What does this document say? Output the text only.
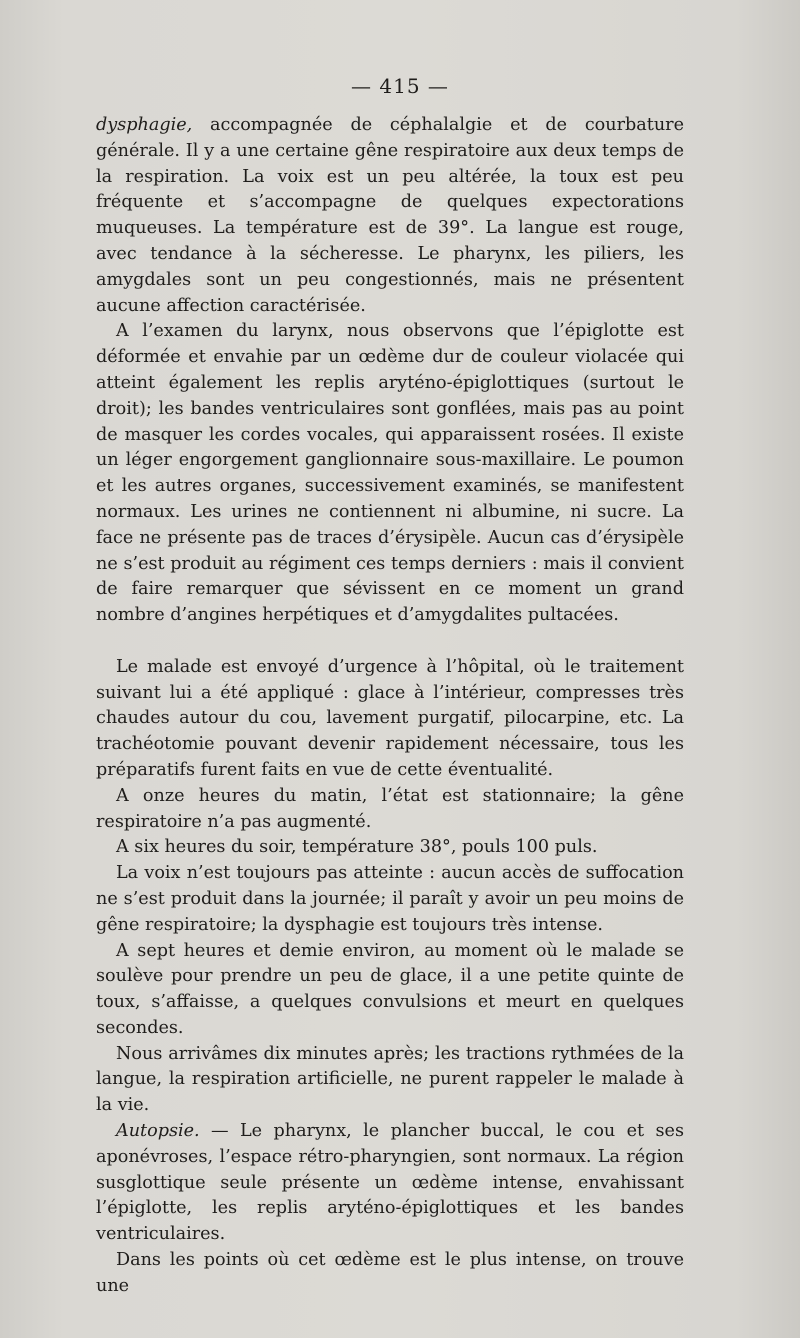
— 415 —

dysphagie, accompagnée de céphalalgie et de courbature générale. Il y a une certaine gêne respiratoire aux deux temps de la respiration. La voix est un peu altérée, la toux est peu fréquente et s’accompagne de quelques expectorations muqueuses. La température est de 39°. La langue est rouge, avec tendance à la sécheresse. Le pharynx, les piliers, les amygdales sont un peu congestionnés, mais ne présentent aucune affection caractérisée.

A l’examen du larynx, nous observons que l’épiglotte est déformée et envahie par un œdème dur de couleur violacée qui atteint également les replis aryténo-épiglottiques (surtout le droit); les bandes ventriculaires sont gonflées, mais pas au point de masquer les cordes vocales, qui apparaissent rosées. Il existe un léger engorgement ganglionnaire sous-maxillaire. Le poumon et les autres organes, successivement examinés, se manifestent normaux. Les urines ne contiennent ni albumine, ni sucre. La face ne présente pas de traces d’érysipèle. Aucun cas d’érysipèle ne s’est produit au régiment ces temps derniers : mais il convient de faire remarquer que sévissent en ce moment un grand nombre d’angines herpétiques et d’amygdalites pultacées.

Le malade est envoyé d’urgence à l’hôpital, où le traitement suivant lui a été appliqué : glace à l’intérieur, compresses très chaudes autour du cou, lavement purgatif, pilocarpine, etc. La trachéotomie pouvant devenir rapidement nécessaire, tous les préparatifs furent faits en vue de cette éventualité.

A onze heures du matin, l’état est stationnaire; la gêne respiratoire n’a pas augmenté.

A six heures du soir, température 38°, pouls 100 puls.

La voix n’est toujours pas atteinte : aucun accès de suffocation ne s’est produit dans la journée; il paraît y avoir un peu moins de gêne respiratoire; la dysphagie est toujours très intense.

A sept heures et demie environ, au moment où le malade se soulève pour prendre un peu de glace, il a une petite quinte de toux, s’affaisse, a quelques convulsions et meurt en quelques secondes.

Nous arrivâmes dix minutes après; les tractions rythmées de la langue, la respiration artificielle, ne purent rappeler le malade à la vie.

Autopsie. — Le pharynx, le plancher buccal, le cou et ses aponévroses, l’espace rétro-pharyngien, sont normaux. La région susglottique seule présente un œdème intense, envahissant l’épiglotte, les replis aryténo-épiglottiques et les bandes ventriculaires.

Dans les points où cet œdème est le plus intense, on trouve une
